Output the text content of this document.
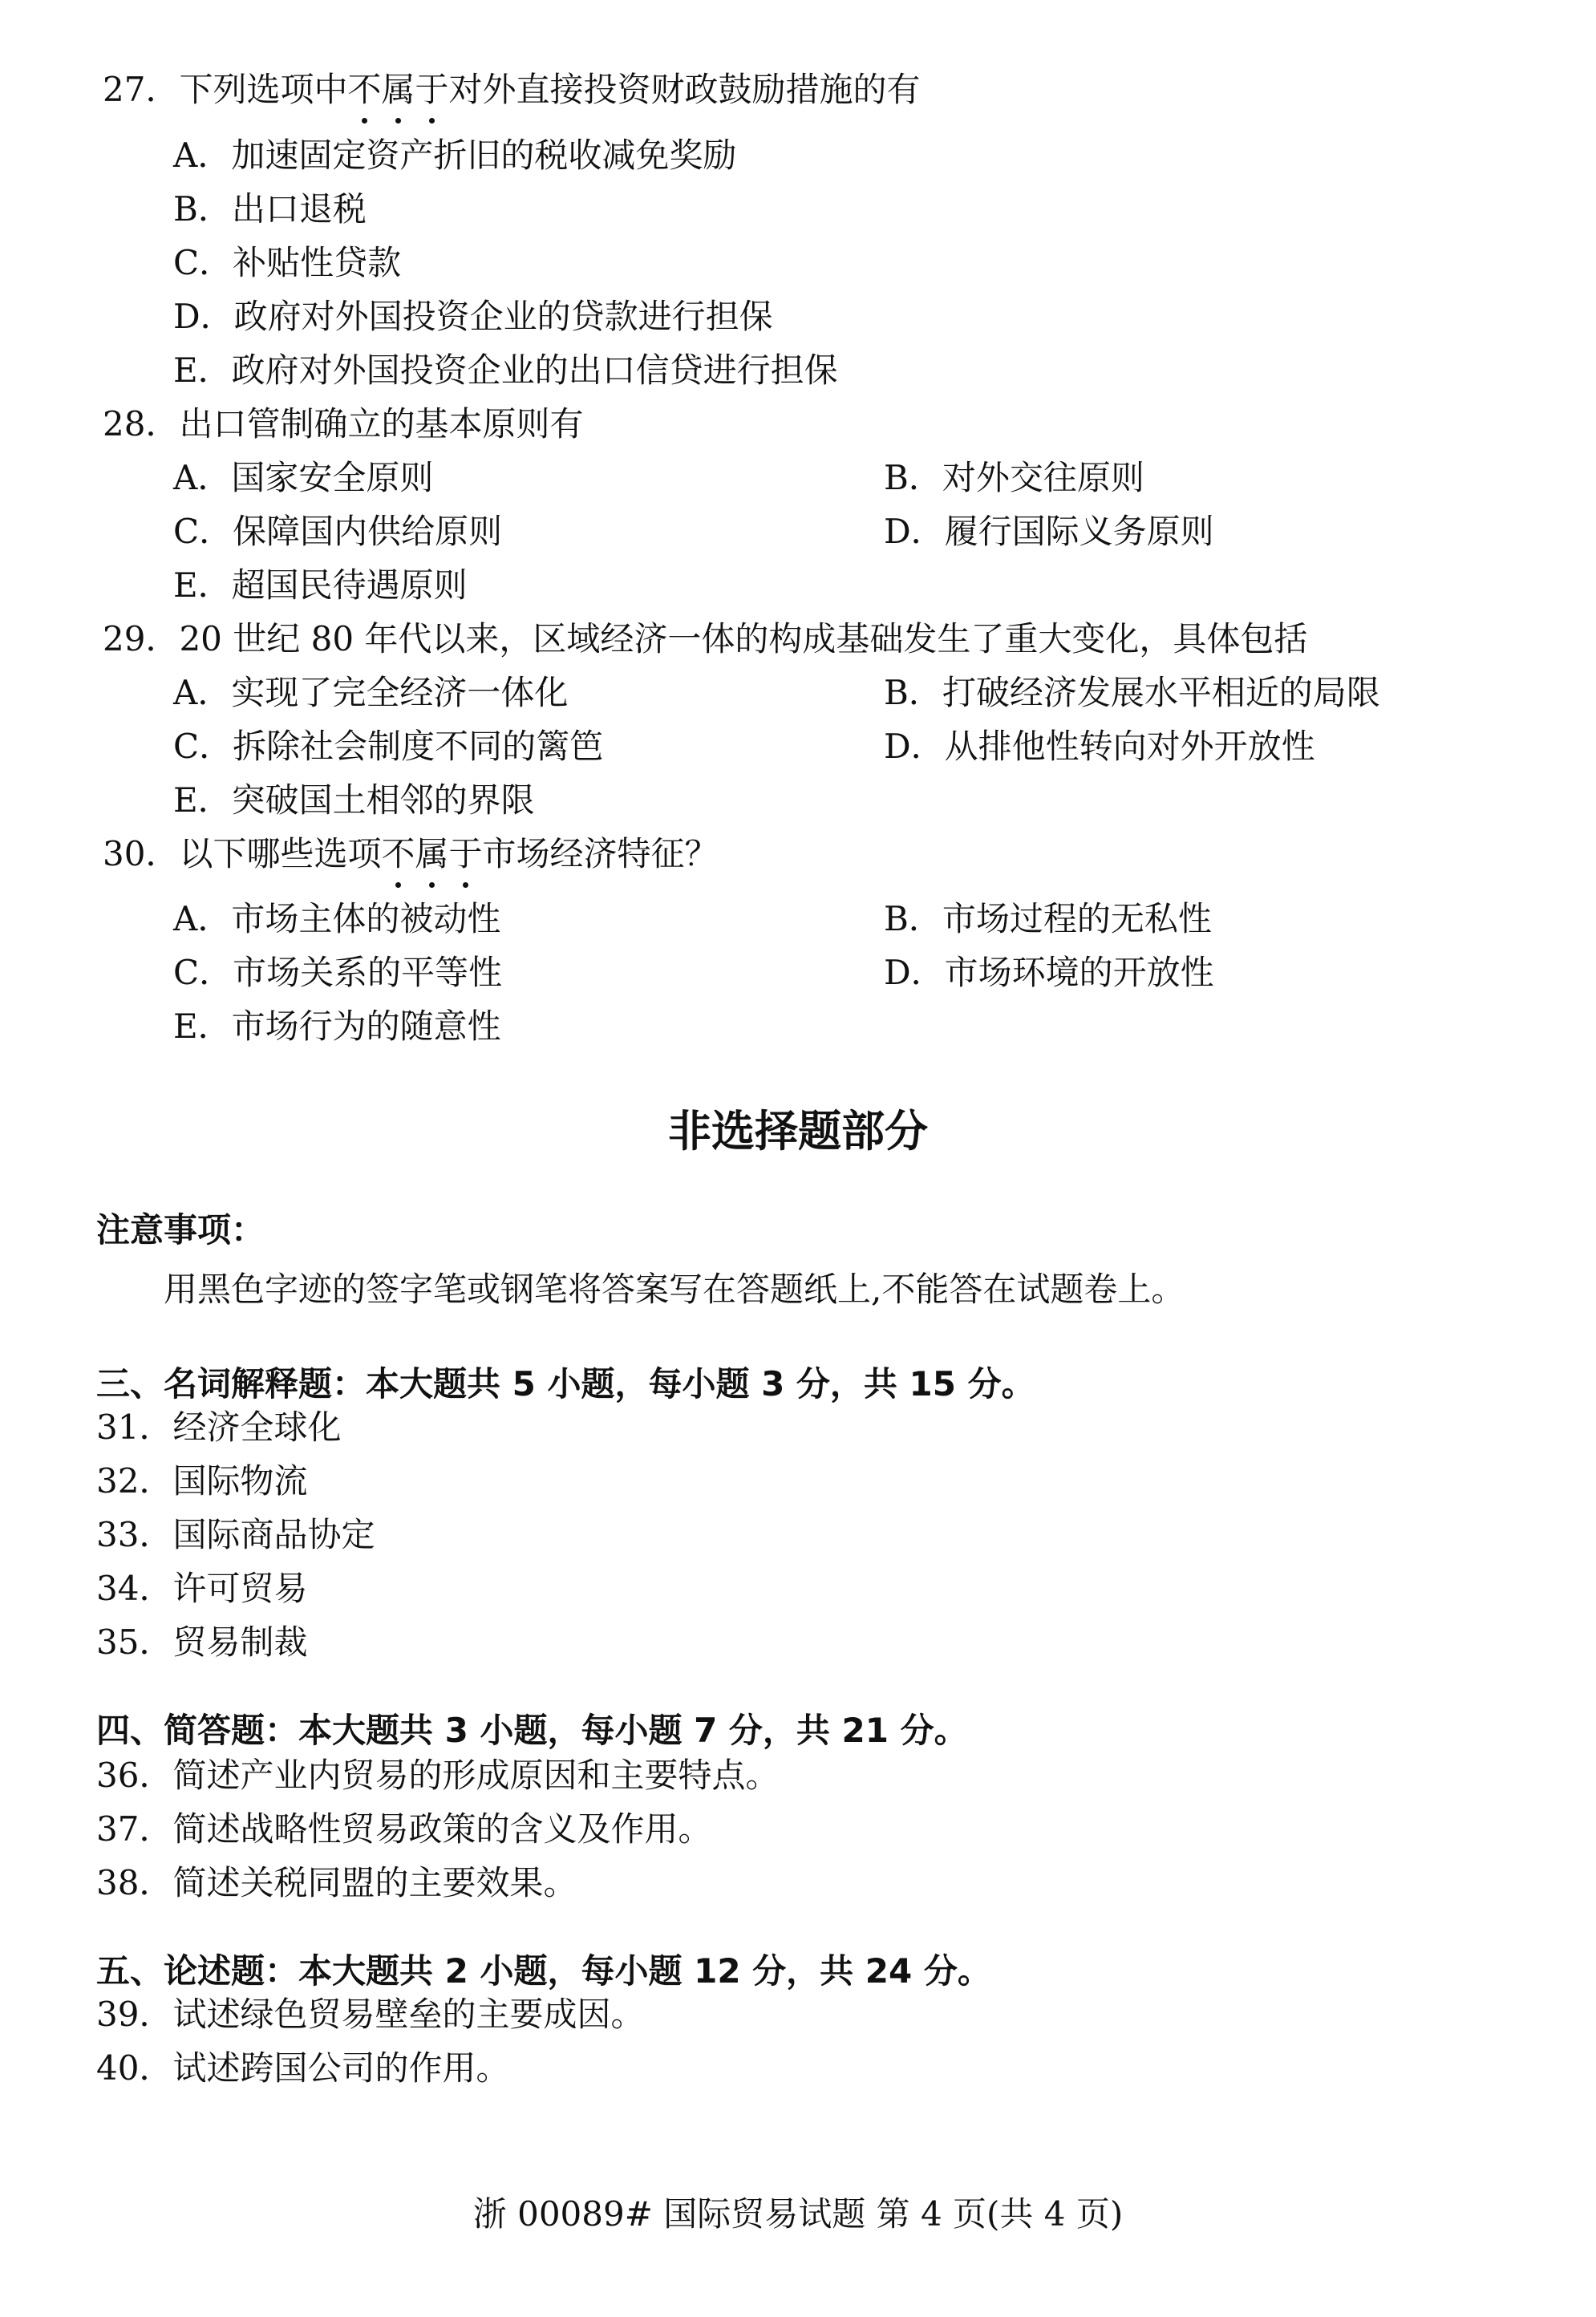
27．下列选项中不属于对外直接投资财政鼓励措施的有
A．加速固定资产折旧的税收减免奖励
B．出口退税
C．补贴性贷款
D．政府对外国投资企业的贷款进行担保
E．政府对外国投资企业的出口信贷进行担保
28．出口管制确立的基本原则有
A．国家安全原则	B．对外交往原则
C．保障国内供给原则	D．履行国际义务原则
E．超国民待遇原则
29．20 世纪 80 年代以来，区域经济一体的构成基础发生了重大变化，具体包括
A．实现了完全经济一体化	B．打破经济发展水平相近的局限
C．拆除社会制度不同的篱笆	D．从排他性转向对外开放性
E．突破国土相邻的界限
30．以下哪些选项不属于市场经济特征？
A．市场主体的被动性	B．市场过程的无私性
C．市场关系的平等性	D．市场环境的开放性
E．市场行为的随意性
非选择题部分
注意事项：
用黑色字迹的签字笔或钢笔将答案写在答题纸上,不能答在试题卷上。
三、名词解释题：本大题共 5 小题，每小题 3 分，共 15 分。
31．经济全球化
32．国际物流
33．国际商品协定
34．许可贸易
35．贸易制裁
四、简答题：本大题共 3 小题，每小题 7 分，共 21 分。
36．简述产业内贸易的形成原因和主要特点。
37．简述战略性贸易政策的含义及作用。
38．简述关税同盟的主要效果。
五、论述题：本大题共 2 小题，每小题 12 分，共 24 分。
39．试述绿色贸易壁垒的主要成因。
40．试述跨国公司的作用。
浙 00089# 国际贸易试题 第 4 页(共 4 页)
